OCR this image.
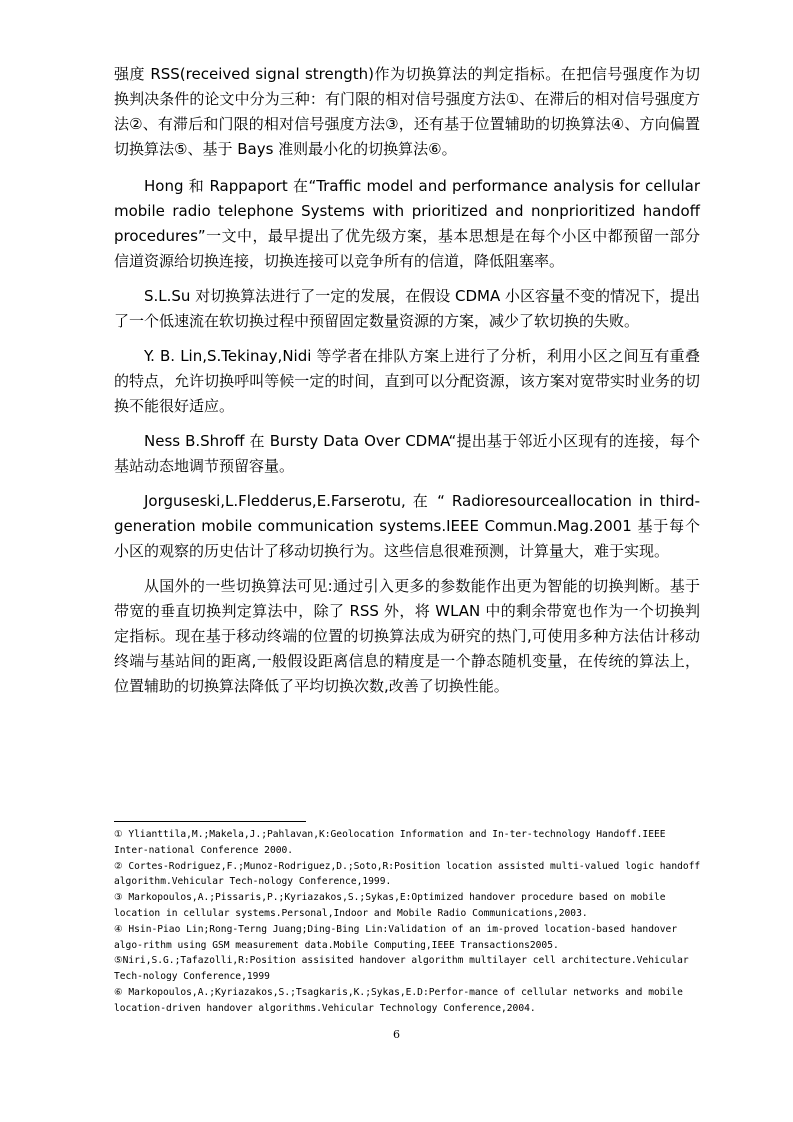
强度 RSS(received signal strength)作为切换算法的判定指标。在把信号强度作为切换判决条件的论文中分为三种：有门限的相对信号强度方法①、在滞后的相对信号强度方法②、有滞后和门限的相对信号强度方法③，还有基于位置辅助的切换算法④、方向偏置切换算法⑤、基于 Bays 准则最小化的切换算法⑥。

Hong 和 Rappaport 在“Traffic model and performance analysis for cellular mobile radio telephone Systems with prioritized and nonprioritized handoff procedures”一文中，最早提出了优先级方案，基本思想是在每个小区中都预留一部分信道资源给切换连接，切换连接可以竞争所有的信道，降低阻塞率。

S.L.Su 对切换算法进行了一定的发展，在假设 CDMA 小区容量不变的情况下，提出了一个低速流在软切换过程中预留固定数量资源的方案，减少了软切换的失败。

Y. B. Lin,S.Tekinay,Nidi 等学者在排队方案上进行了分析，利用小区之间互有重叠的特点，允许切换呼叫等候一定的时间，直到可以分配资源，该方案对宽带实时业务的切换不能很好适应。

Ness B.Shroff 在 Bursty Data Over CDMA“提出基于邻近小区现有的连接，每个基站动态地调节预留容量。

Jorguseski,L.Fledderus,E.Farserotu, 在 “ Radioresourceallocation in third-generation mobile communication systems.IEEE Commun.Mag.2001 基于每个小区的观察的历史估计了移动切换行为。这些信息很难预测，计算量大，难于实现。

从国外的一些切换算法可见:通过引入更多的参数能作出更为智能的切换判断。基于带宽的垂直切换判定算法中，除了 RSS 外，将 WLAN 中的剩余带宽也作为一个切换判定指标。现在基于移动终端的位置的切换算法成为研究的热门,可使用多种方法估计移动终端与基站间的距离,一般假设距离信息的精度是一个静态随机变量，在传统的算法上，位置辅助的切换算法降低了平均切换次数,改善了切换性能。

① Ylianttila,M.;Makela,J.;Pahlavan,K:Geolocation Information and In-ter-technology Handoff.IEEE Inter-national Conference 2000.

② Cortes-Rodriguez,F.;Munoz-Rodriguez,D.;Soto,R:Position location assisted multi-valued logic handoff algorithm.Vehicular Tech-nology Conference,1999.

③ Markopoulos,A.;Pissaris,P.;Kyriazakos,S.;Sykas,E:Optimized handover procedure based on mobile location in cellular systems.Personal,Indoor and Mobile Radio Communications,2003.

④ Hsin-Piao Lin;Rong-Terng Juang;Ding-Bing Lin:Validation of an im-proved location-based handover algo-rithm using GSM measurement data.Mobile Computing,IEEE Transactions2005.

⑤Niri,S.G.;Tafazolli,R:Position assisited handover algorithm multilayer cell architecture.Vehicular Tech-nology Conference,1999

⑥ Markopoulos,A.;Kyriazakos,S.;Tsagkaris,K.;Sykas,E.D:Perfor-mance of cellular networks and mobile location-driven handover algorithms.Vehicular Technology Conference,2004.

6
